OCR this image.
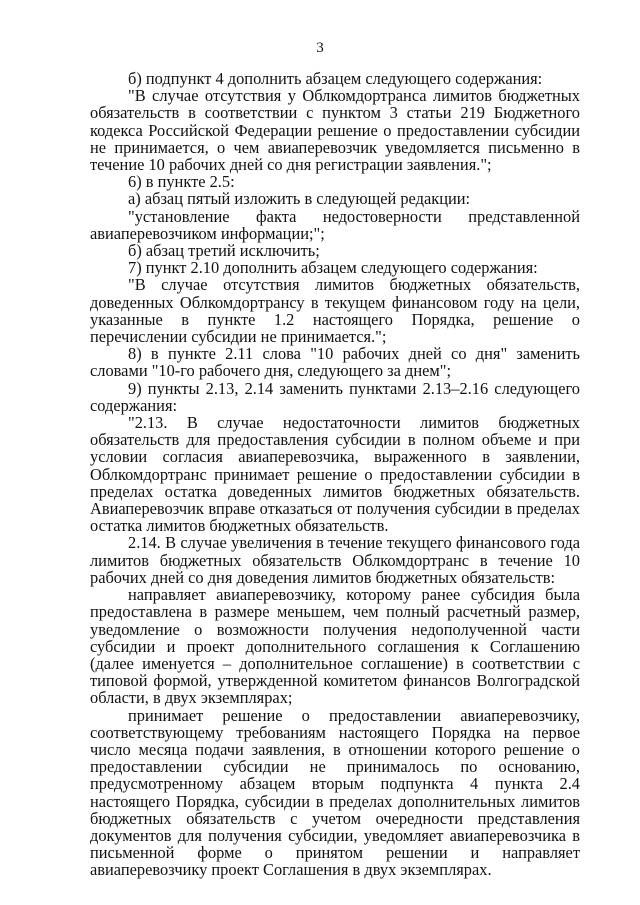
3

б) подпункт 4 дополнить абзацем следующего содержания:

"В случае отсутствия у Облкомдортранса лимитов бюджетных обязательств в соответствии с пунктом 3 статьи 219 Бюджетного кодекса Российской Федерации решение о предоставлении субсидии не принимается, о чем авиаперевозчик уведомляется письменно в течение 10 рабочих дней со дня регистрации заявления.";

6) в пункте 2.5:

а) абзац пятый изложить в следующей редакции:

"установление факта недостоверности представленной авиаперевозчиком информации;";

б) абзац третий исключить;

7) пункт 2.10 дополнить абзацем следующего содержания:

"В случае отсутствия лимитов бюджетных обязательств, доведенных Облкомдортрансу в текущем финансовом году на цели, указанные в пункте 1.2 настоящего Порядка, решение о перечислении субсидии не принимается.";

8) в пункте 2.11 слова "10 рабочих дней со дня" заменить словами "10-го рабочего дня, следующего за днем";

9) пункты 2.13, 2.14 заменить пунктами 2.13–2.16 следующего содержания:

"2.13. В случае недостаточности лимитов бюджетных обязательств для предоставления субсидии в полном объеме и при условии согласия авиаперевозчика, выраженного в заявлении, Облкомдортранс принимает решение о предоставлении субсидии в пределах остатка доведенных лимитов бюджетных обязательств. Авиаперевозчик вправе отказаться от получения субсидии в пределах остатка лимитов бюджетных обязательств.

2.14. В случае увеличения в течение текущего финансового года лимитов бюджетных обязательств Облкомдортранс в течение 10 рабочих дней со дня доведения лимитов бюджетных обязательств:

направляет авиаперевозчику, которому ранее субсидия была предоставлена в размере меньшем, чем полный расчетный размер, уведомление о возможности получения недополученной части субсидии и проект дополнительного соглашения к Соглашению (далее именуется – дополнительное соглашение) в соответствии с типовой формой, утвержденной комитетом финансов Волгоградской области, в двух экземплярах;

принимает решение о предоставлении авиаперевозчику, соответствующему требованиям настоящего Порядка на первое число месяца подачи заявления, в отношении которого решение о предоставлении субсидии не принималось по основанию, предусмотренному абзацем вторым подпункта 4 пункта 2.4 настоящего Порядка, субсидии в пределах дополнительных лимитов бюджетных обязательств с учетом очередности представления документов для получения субсидии, уведомляет авиаперевозчика в письменной форме о принятом решении и направляет авиаперевозчику проект Соглашения в двух экземплярах.
